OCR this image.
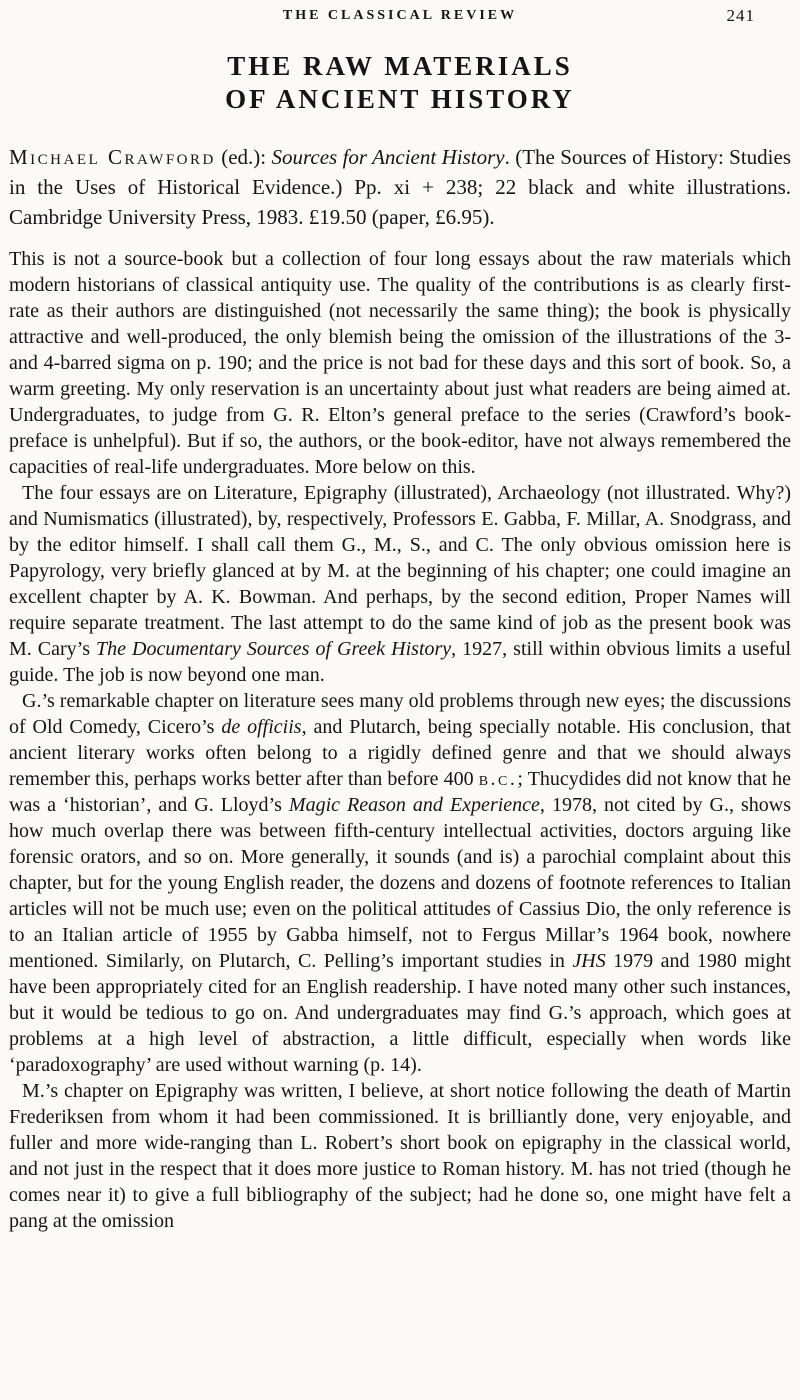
THE CLASSICAL REVIEW	241
THE RAW MATERIALS
OF ANCIENT HISTORY

Michael Crawford (ed.): Sources for Ancient History. (The Sources of History: Studies in the Uses of Historical Evidence.) Pp. xi + 238; 22 black and white illustrations. Cambridge University Press, 1983. £19.50 (paper, £6.95).

This is not a source-book but a collection of four long essays about the raw materials which modern historians of classical antiquity use. The quality of the contributions is as clearly first-rate as their authors are distinguished (not necessarily the same thing); the book is physically attractive and well-produced, the only blemish being the omission of the illustrations of the 3- and 4-barred sigma on p. 190; and the price is not bad for these days and this sort of book. So, a warm greeting. My only reservation is an uncertainty about just what readers are being aimed at. Undergraduates, to judge from G. R. Elton’s general preface to the series (Crawford’s book-preface is unhelpful). But if so, the authors, or the book-editor, have not always remembered the capacities of real-life undergraduates. More below on this.

The four essays are on Literature, Epigraphy (illustrated), Archaeology (not illustrated. Why?) and Numismatics (illustrated), by, respectively, Professors E. Gabba, F. Millar, A. Snodgrass, and by the editor himself. I shall call them G., M., S., and C. The only obvious omission here is Papyrology, very briefly glanced at by M. at the beginning of his chapter; one could imagine an excellent chapter by A. K. Bowman. And perhaps, by the second edition, Proper Names will require separate treatment. The last attempt to do the same kind of job as the present book was M. Cary’s The Documentary Sources of Greek History, 1927, still within obvious limits a useful guide. The job is now beyond one man.

G.’s remarkable chapter on literature sees many old problems through new eyes; the discussions of Old Comedy, Cicero’s de officiis, and Plutarch, being specially notable. His conclusion, that ancient literary works often belong to a rigidly defined genre and that we should always remember this, perhaps works better after than before 400 b.c.; Thucydides did not know that he was a ‘historian’, and G. Lloyd’s Magic Reason and Experience, 1978, not cited by G., shows how much overlap there was between fifth-century intellectual activities, doctors arguing like forensic orators, and so on. More generally, it sounds (and is) a parochial complaint about this chapter, but for the young English reader, the dozens and dozens of footnote references to Italian articles will not be much use; even on the political attitudes of Cassius Dio, the only reference is to an Italian article of 1955 by Gabba himself, not to Fergus Millar’s 1964 book, nowhere mentioned. Similarly, on Plutarch, C. Pelling’s important studies in JHS 1979 and 1980 might have been appropriately cited for an English readership. I have noted many other such instances, but it would be tedious to go on. And undergraduates may find G.’s approach, which goes at problems at a high level of abstraction, a little difficult, especially when words like ‘paradoxography’ are used without warning (p. 14).

M.’s chapter on Epigraphy was written, I believe, at short notice following the death of Martin Frederiksen from whom it had been commissioned. It is brilliantly done, very enjoyable, and fuller and more wide-ranging than L. Robert’s short book on epigraphy in the classical world, and not just in the respect that it does more justice to Roman history. M. has not tried (though he comes near it) to give a full bibliography of the subject; had he done so, one might have felt a pang at the omission
